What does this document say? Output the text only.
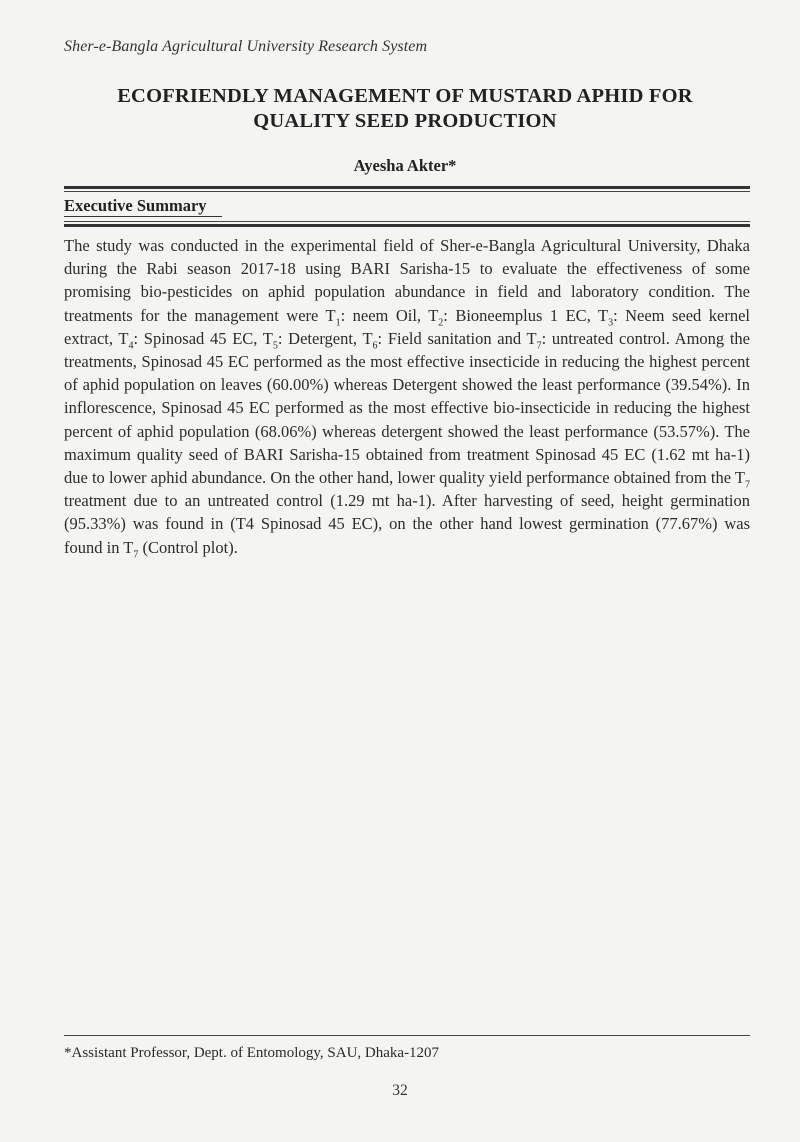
Sher-e-Bangla Agricultural University Research System
ECOFRIENDLY MANAGEMENT OF MUSTARD APHID FOR
QUALITY SEED PRODUCTION
Ayesha Akter*
Executive Summary

The study was conducted in the experimental field of Sher-e-Bangla Agricultural University, Dhaka during the Rabi season 2017-18 using BARI Sarisha-15 to evaluate the effectiveness of some promising bio-pesticides on aphid population abundance in field and laboratory condition. The treatments for the management were $T_1$: neem Oil, $T_2$: Bioneemplus 1 EC, $T_3$: Neem seed kernel extract, $T_4$: Spinosad 45 EC, $T_5$: Detergent, $T_6$: Field sanitation and $T_7$: untreated control. Among the treatments, Spinosad 45 EC performed as the most effective insecticide in reducing the highest percent of aphid population on leaves (60.00%) whereas Detergent showed the least performance (39.54%). In inflorescence, Spinosad 45 EC performed as the most effective bio-insecticide in reducing the highest percent of aphid population (68.06%) whereas detergent showed the least performance (53.57%). The maximum quality seed of BARI Sarisha-15 obtained from treatment Spinosad 45 EC (1.62 mt ha-1) due to lower aphid abundance. On the other hand, lower quality yield performance obtained from the $T_7$ treatment due to an untreated control (1.29 mt ha-1). After harvesting of seed, height germination (95.33%) was found in (T4 Spinosad 45 EC), on the other hand lowest germination (77.67%) was found in $T_7$ (Control plot).

*Assistant Professor, Dept. of Entomology, SAU, Dhaka-1207
32
